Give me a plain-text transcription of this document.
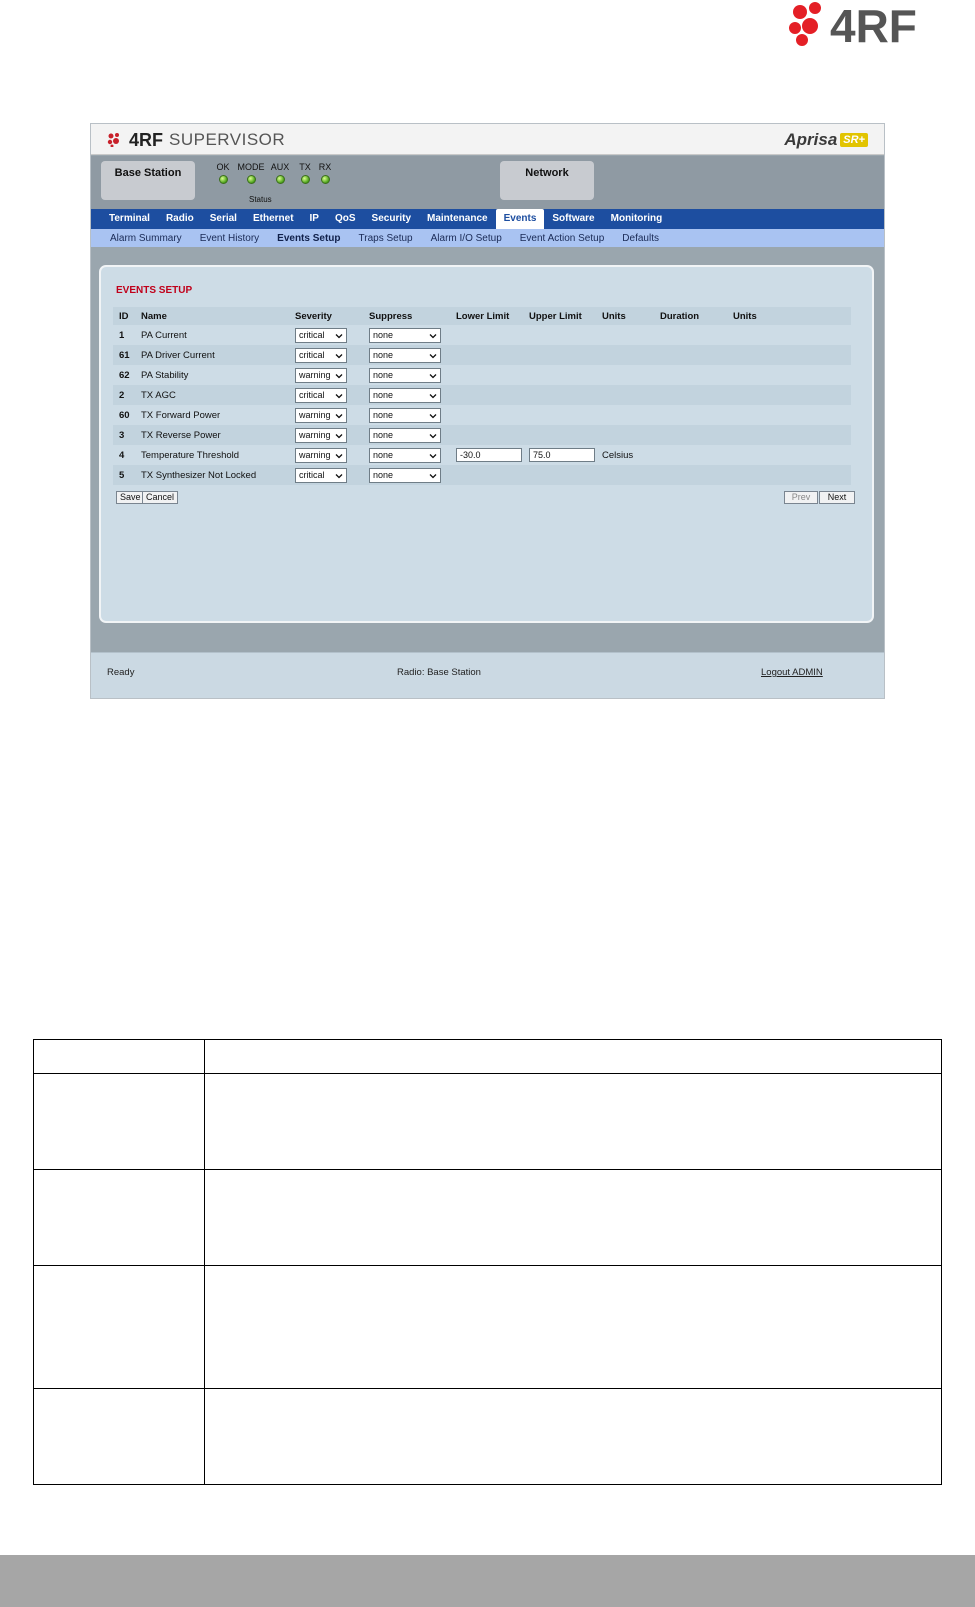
4RF
4RF SUPERVISOR	Aprisa SR+
Base Station	OK MODE AUX	TX RX
Status
Network
Terminal	Radio	Serial	Ethernet	IP	QoS	Security	Maintenance	Events	Software	Monitoring
Alarm Summary	Event History	Events Setup	Traps Setup	Alarm I/O Setup	Event Action Setup	Defaults
EVENTS SETUP
ID	Name	Severity	Suppress	Lower Limit	Upper Limit	Units	Duration	Units
1	PA Current	critical	none

61	PA Driver Current	critical	none

62	PA Stability	warning	none

2	TX AGC	critical	none

60	TX Forward Power	warning	none

3	TX Reverse Power	warning	none

4	Temperature Threshold	warning	none	-30.0	75.0	Celsius		
5	TX Synthesizer Not Locked	critical	none

Save Cancel	Prev	Next
Ready	Radio: Base Station	Logout ADMIN
